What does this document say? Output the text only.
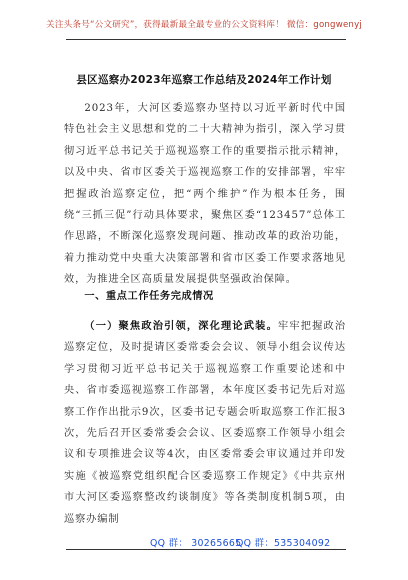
关注头条号“公文研究”，获得最新最全最专业的公文资料库！ 微信：gongwenyj
县区巡察办2023年巡察工作总结及2024年工作计划
2023年，大河区委巡察办坚持以习近平新时代中国特色社会主义思想和党的二十大精神为指引，深入学习贯彻习近平总书记关于巡视巡察工作的重要指示批示精神，以及中央、省市区委关于巡视巡察工作的安排部署，牢牢把握政治巡察定位，把“两个维护”作为根本任务，围绕“三抓三促”行动具体要求，聚焦区委“123457”总体工作思路，不断深化巡察发现问题、推动改革的政治功能，着力推动党中央重大决策部署和省市区委工作要求落地见效，为推进全区高质量发展提供坚强政治保障。
一、重点工作任务完成情况
（一）聚焦政治引领，深化理论武装。牢牢把握政治巡察定位，及时提请区委常委会会议、领导小组会议传达学习贯彻习近平总书记关于巡视巡察工作重要论述和中央、省市委巡视巡察工作部署，本年度区委书记先后对巡察工作作出批示9次，区委书记专题会听取巡察工作汇报3次，先后召开区委常委会会议、区委巡察工作领导小组会议和专项推进会议等4次，由区委常委会审议通过并印发实施《被巡察党组织配合区委巡察工作规定》《中共京州市大河区委巡察整改约谈制度》等各类制度机制5项，由巡察办编制
QQ 群： 30265665
QQ 群：535304092
